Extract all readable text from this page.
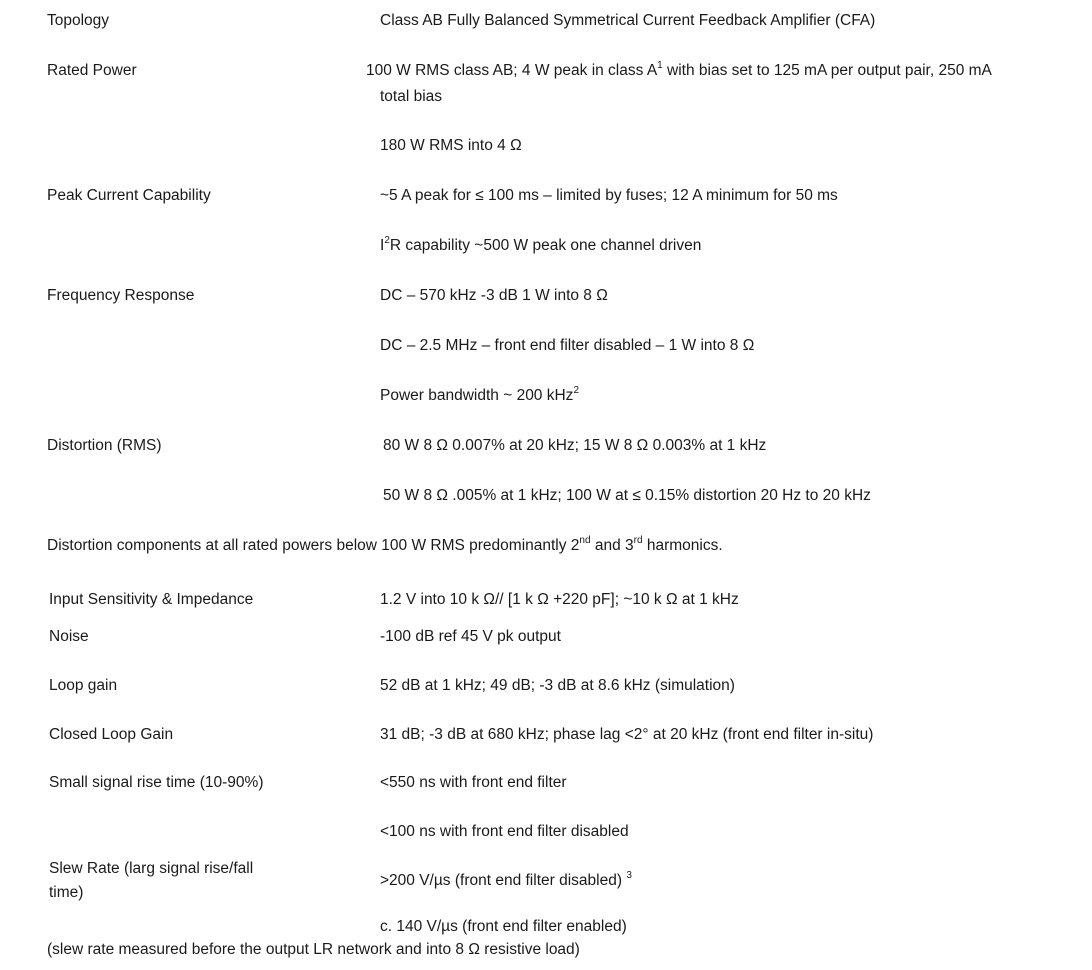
Topology	Class AB Fully Balanced Symmetrical Current Feedback Amplifier (CFA)
Rated Power	100 W RMS class AB; 4 W peak in class $A^1$ with bias set to 125 mA per output pair, 250 mA
total bias
180 W RMS into 4 Ω
Peak Current Capability	~5 A peak for ≤ 100 ms – limited by fuses; 12 A minimum for 50 ms
$I^2R$ capability ~500 W peak one channel driven
Frequency Response	DC – 570 kHz -3 dB 1 W into 8 Ω
DC – 2.5 MHz – front end filter disabled – 1 W into 8 Ω
Power bandwidth ~ 200 kHz$^2$
Distortion (RMS)	80 W 8 Ω 0.007% at 20 kHz; 15 W 8 Ω 0.003% at 1 kHz
50 W 8 Ω .005% at 1 kHz; 100 W at ≤ 0.15% distortion 20 Hz to 20 kHz
Distortion components at all rated powers below 100 W RMS predominantly 2nd and 3rd harmonics.
Input Sensitivity & Impedance	1.2 V into 10 k Ω// [1 k Ω +220 pF]; ~10 k Ω at 1 kHz
Noise	-100 dB ref 45 V pk output
Loop gain	52 dB at 1 kHz; 49 dB; -3 dB at 8.6 kHz (simulation)
Closed Loop Gain	31 dB; -3 dB at 680 kHz; phase lag <2° at 20 kHz (front end filter in-situ)
Small signal rise time (10-90%)	<550 ns with front end filter
<100 ns with front end filter disabled
Slew Rate (larg signal rise/fall
time)
>200 V/µs (front end filter disabled) $^3$
c. 140 V/µs (front end filter enabled)
(slew rate measured before the output LR network and into 8 Ω resistive load)
